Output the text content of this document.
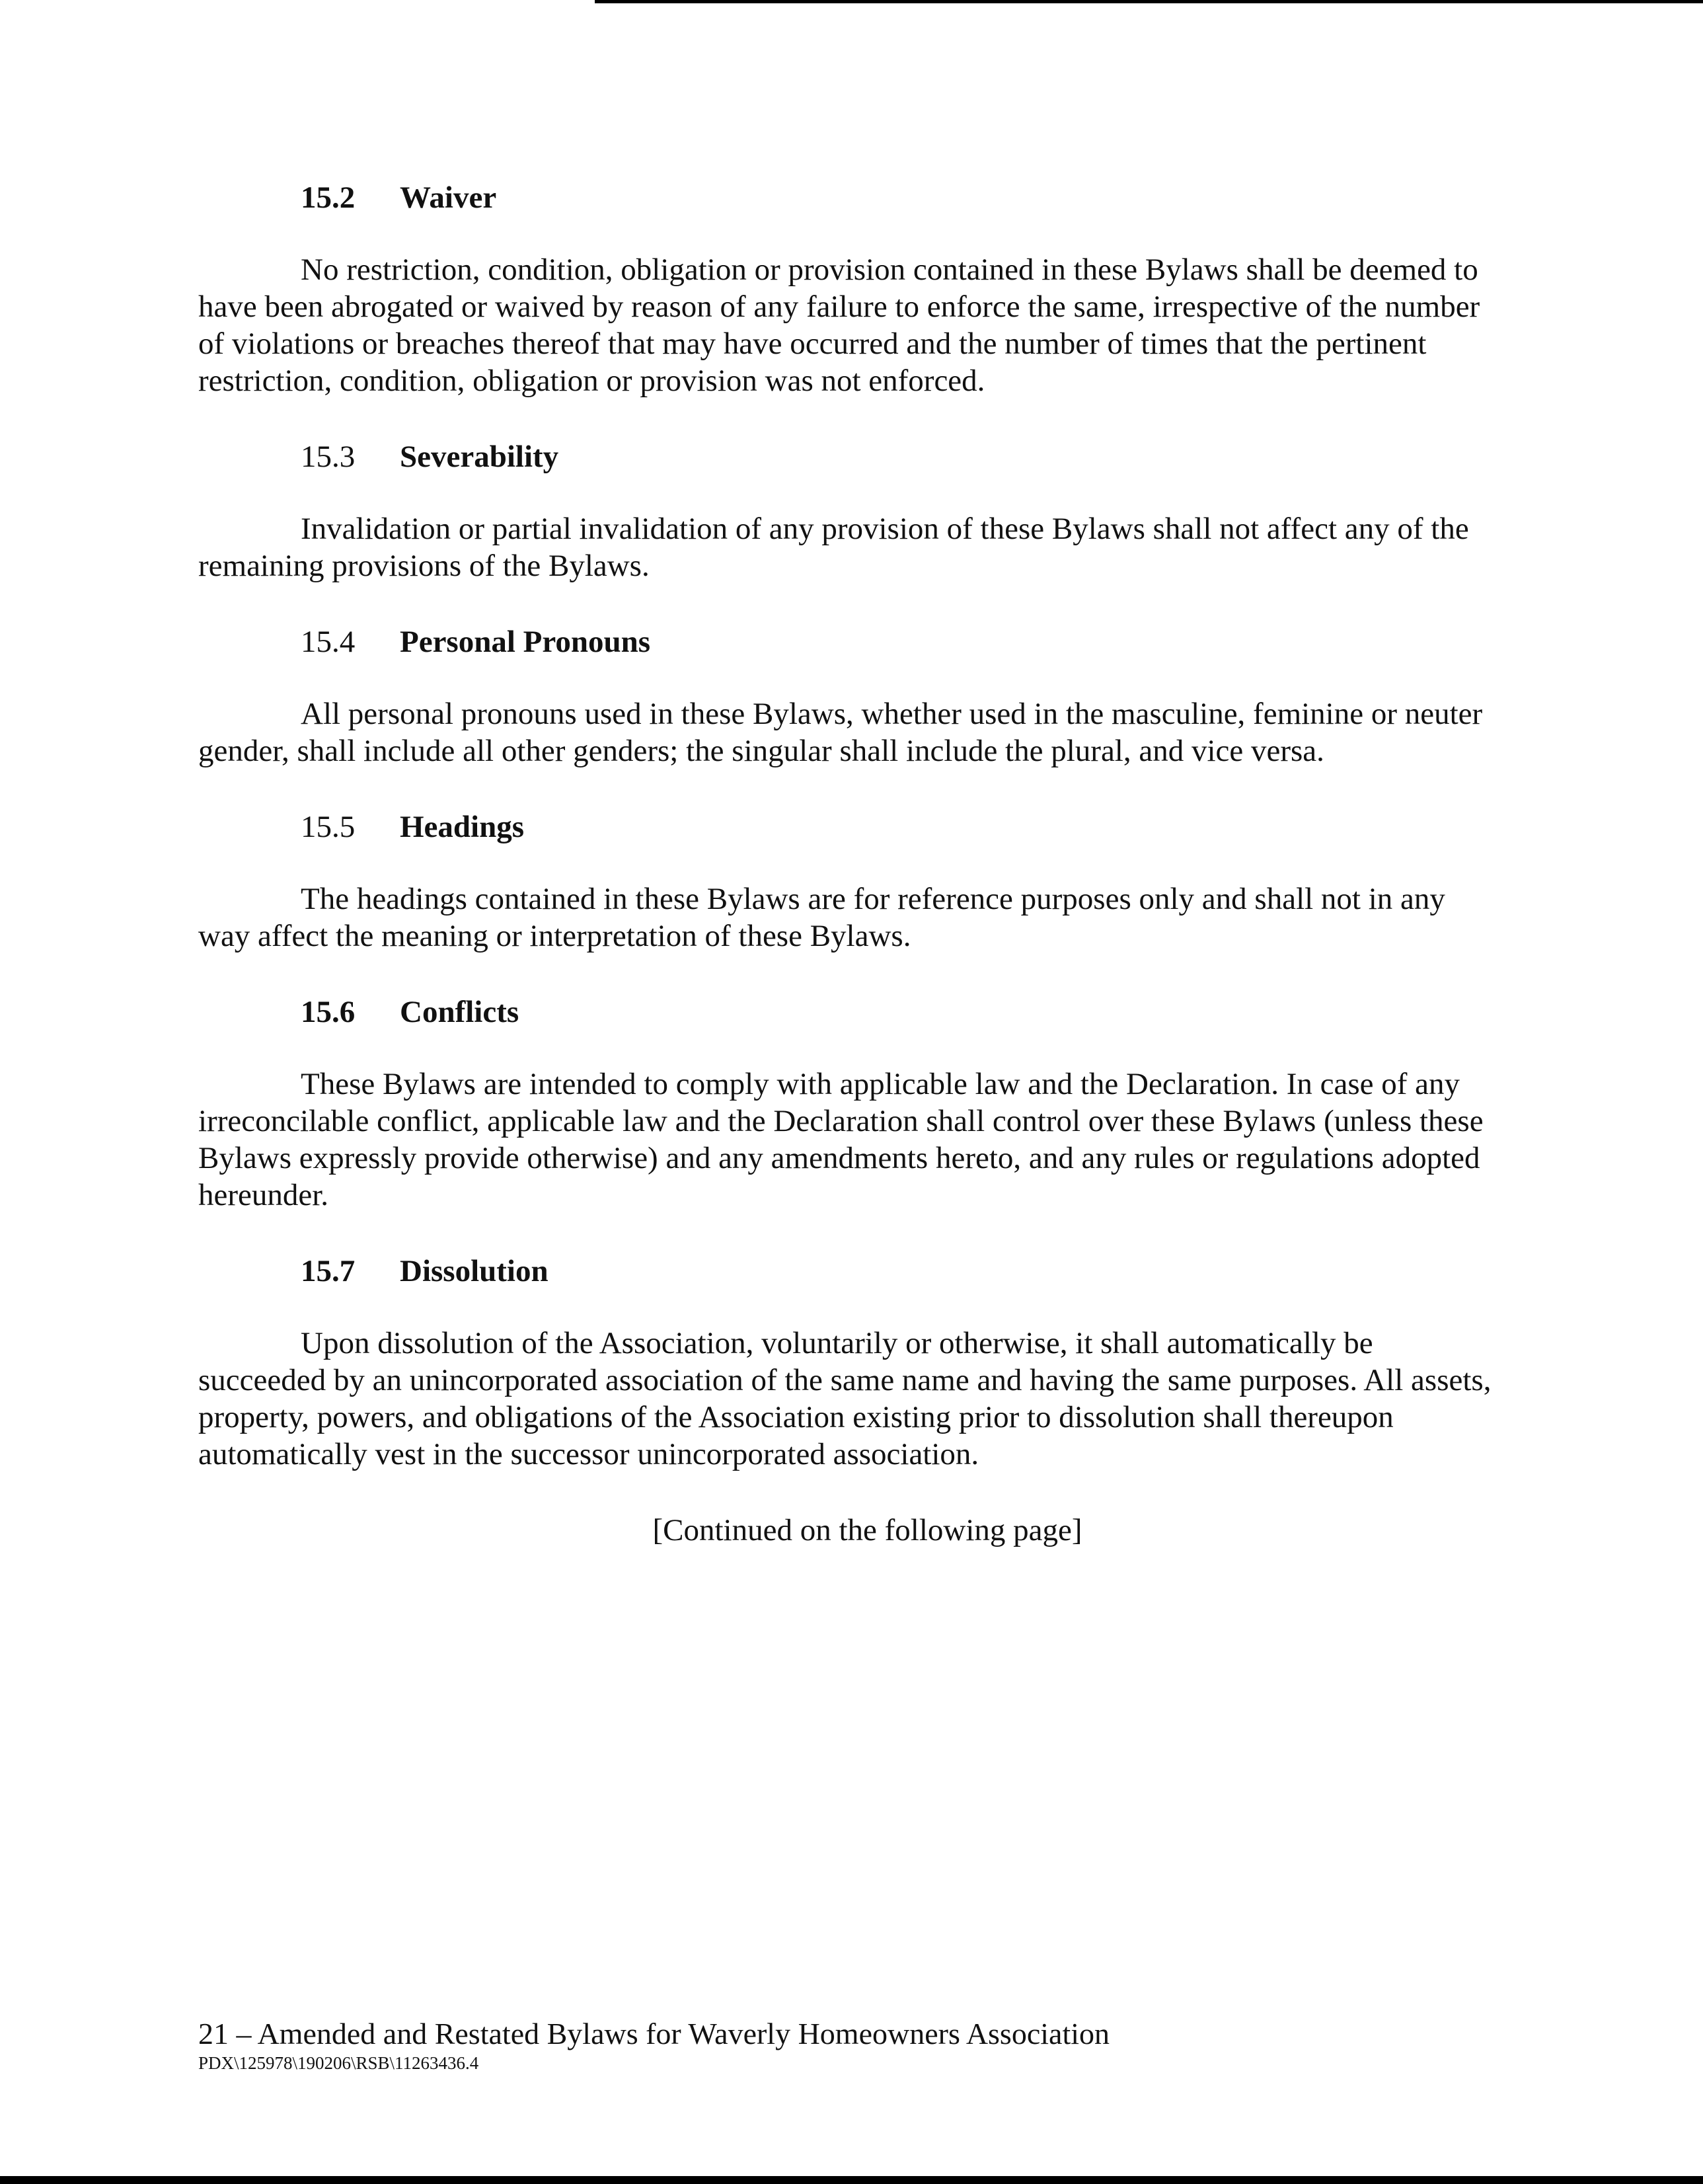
15.2 Waiver

No restriction, condition, obligation or provision contained in these Bylaws shall be deemed to have been abrogated or waived by reason of any failure to enforce the same, irrespective of the number of violations or breaches thereof that may have occurred and the number of times that the pertinent restriction, condition, obligation or provision was not enforced.

15.3 Severability

Invalidation or partial invalidation of any provision of these Bylaws shall not affect any of the remaining provisions of the Bylaws.

15.4 Personal Pronouns

All personal pronouns used in these Bylaws, whether used in the masculine, feminine or neuter gender, shall include all other genders; the singular shall include the plural, and vice versa.

15.5 Headings

The headings contained in these Bylaws are for reference purposes only and shall not in any way affect the meaning or interpretation of these Bylaws.

15.6 Conflicts

These Bylaws are intended to comply with applicable law and the Declaration. In case of any irreconcilable conflict, applicable law and the Declaration shall control over these Bylaws (unless these Bylaws expressly provide otherwise) and any amendments hereto, and any rules or regulations adopted hereunder.

15.7 Dissolution

Upon dissolution of the Association, voluntarily or otherwise, it shall automatically be succeeded by an unincorporated association of the same name and having the same purposes. All assets, property, powers, and obligations of the Association existing prior to dissolution shall thereupon automatically vest in the successor unincorporated association.

[Continued on the following page]

21 – Amended and Restated Bylaws for Waverly Homeowners Association
PDX\125978\190206\RSB\11263436.4
